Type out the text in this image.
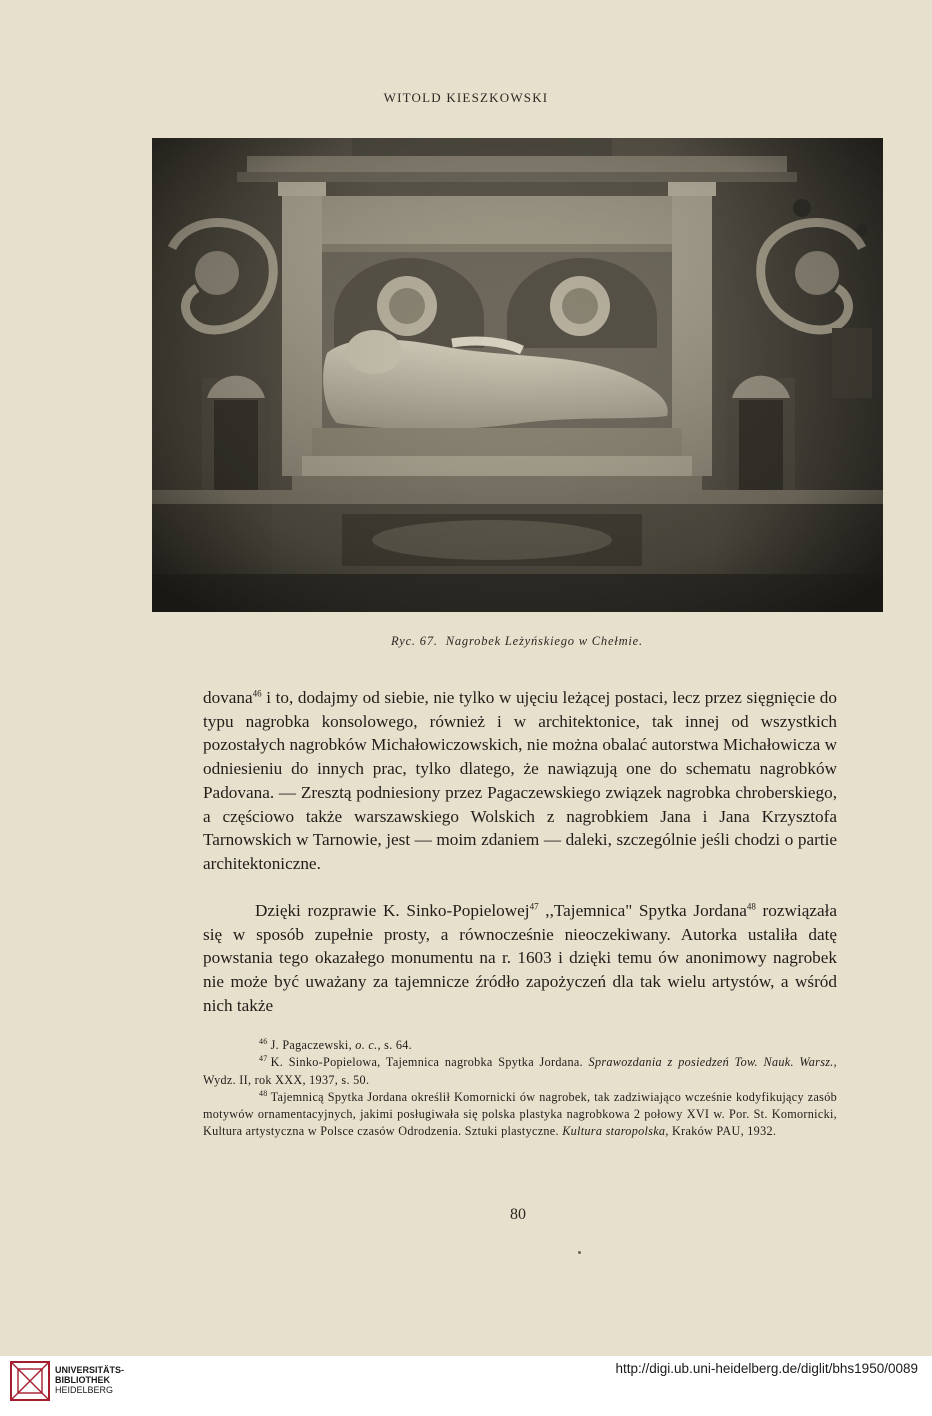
WITOLD KIESZKOWSKI
Ryc. 67. Nagrobek Leżyńskiego w Chełmie.
dovana$^{46}$ i to, dodajmy od siebie, nie tylko w ujęciu leżącej postaci, lecz przez sięgnięcie do typu nagrobka konsolowego, również i w architektonice, tak innej od wszystkich pozostałych nagrobków Michałowiczowskich, nie można obalać autorstwa Michałowicza w odniesieniu do innych prac, tylko dlatego, że nawiązują one do schematu nagrobków Padovana. — Zresztą podniesiony przez Pagaczewskiego związek nagrobka chroberskiego, a częściowo także warszawskiego Wolskich z nagrobkiem Jana i Jana Krzysztofa Tarnowskich w Tarnowie, jest — moim zdaniem — daleki, szczególnie jeśli chodzi o partie architektoniczne.
Dzięki rozprawie K. Sinko-Popielowej$^{47}$ ,,Tajemnica" Spytka Jordana$^{48}$ rozwiązała się w sposób zupełnie prosty, a równocześnie nieoczekiwany. Autorka ustaliła datę powstania tego okazałego monumentu na r. 1603 i dzięki temu ów anonimowy nagrobek nie może być uważany za tajemnicze źródło zapożyczeń dla tak wielu artystów, a wśród nich także
$^{46}$ J. Pagaczewski, o. c., s. 64.
$^{47}$ K. Sinko-Popielowa, Tajemnica nagrobka Spytka Jordana. Sprawozdania z posiedzeń Tow. Nauk. Warsz., Wydz. II, rok XXX, 1937, s. 50.
$^{48}$ Tajemnicą Spytka Jordana określił Komornicki ów nagrobek, tak zadziwiająco wcześnie kodyfikujący zasób motywów ornamentacyjnych, jakimi posługiwała się polska plastyka nagrobkowa 2 połowy XVI w. Por. St. Komornicki, Kultura artystyczna w Polsce czasów Odrodzenia. Sztuki plastyczne. Kultura staropolska, Kraków PAU, 1932.
80
UNIVERSITÄTS-
BIBLIOTHEK
HEIDELBERG
http://digi.ub.uni-heidelberg.de/diglit/bhs1950/0089
